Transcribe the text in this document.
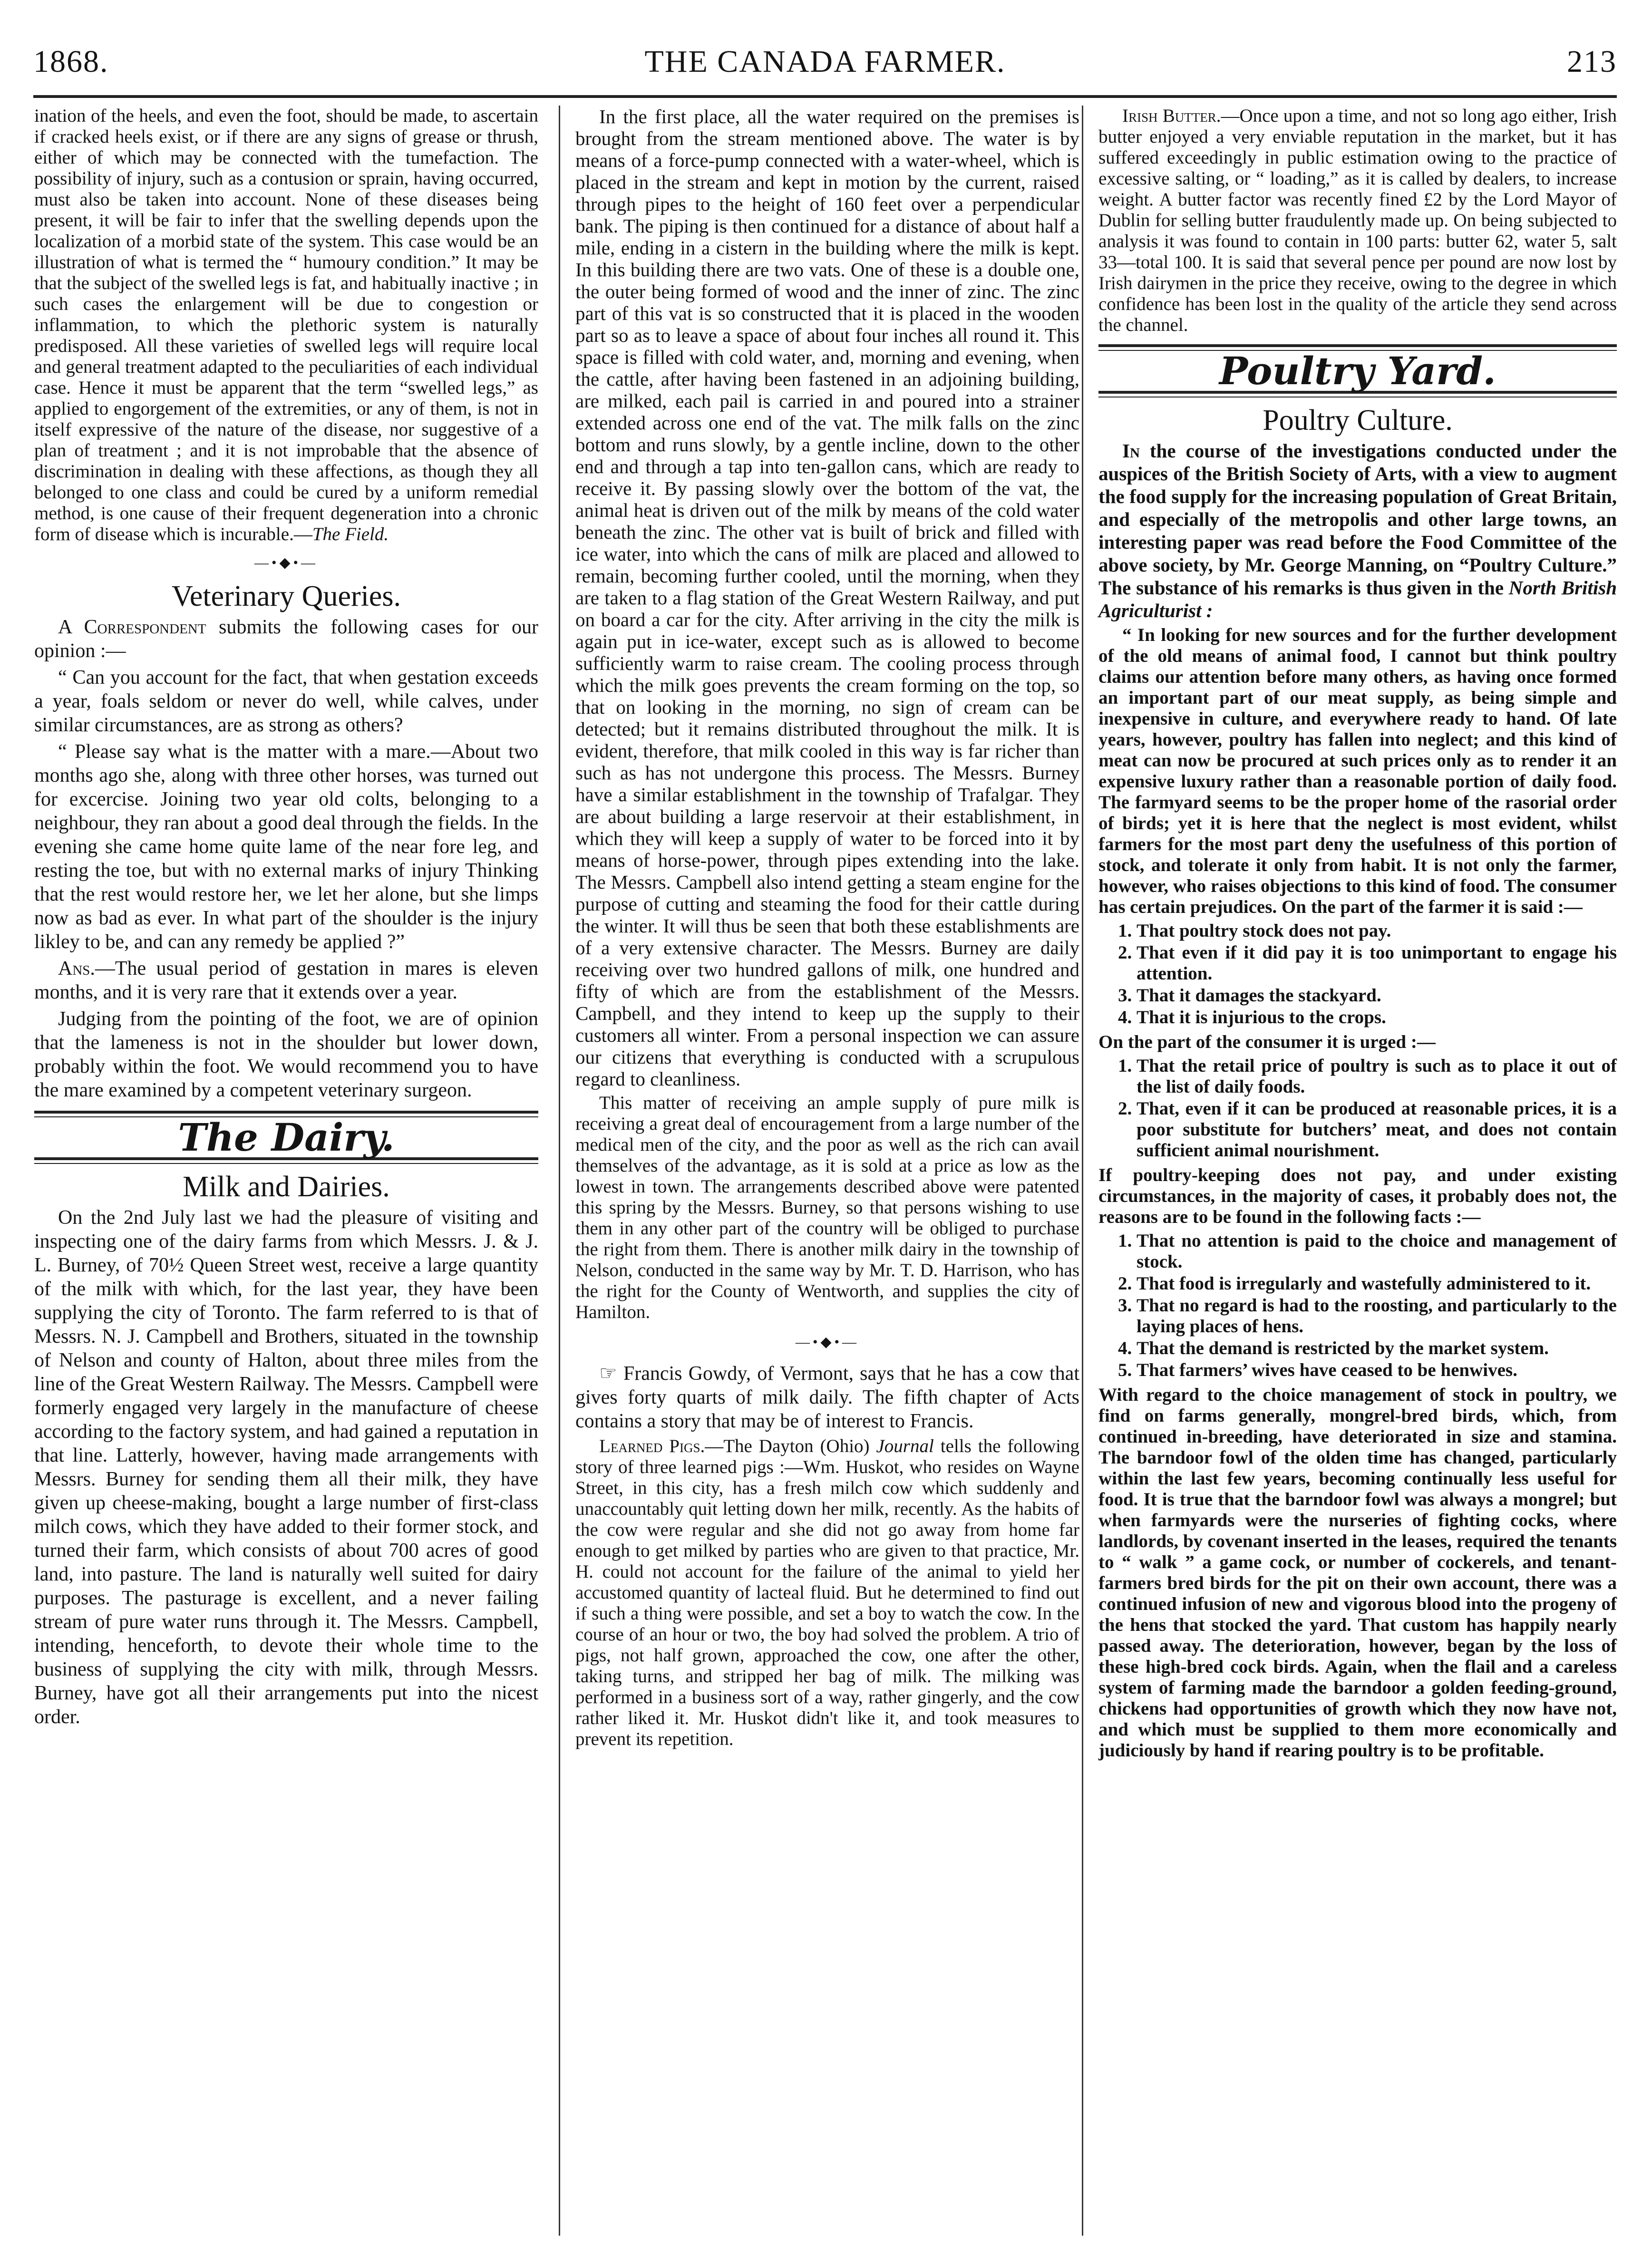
1868.	THE CANADA FARMER.	213

ination of the heels, and even the foot, should be made, to ascertain if cracked heels exist, or if there are any signs of grease or thrush, either of which may be connected with the tumefaction. The possibility of injury, such as a contusion or sprain, having occurred, must also be taken into account. None of these diseases being present, it will be fair to infer that the swelling depends upon the localization of a morbid state of the system. This case would be an illustration of what is termed the “ humoury condition.” It may be that the subject of the swelled legs is fat, and habitually inactive ; in such cases the enlargement will be due to congestion or inflammation, to which the plethoric system is naturally predisposed. All these varieties of swelled legs will require local and general treatment adapted to the peculiarities of each individual case. Hence it must be apparent that the term “swelled legs,” as applied to engorgement of the extremities, or any of them, is not in itself expressive of the nature of the disease, nor suggestive of a plan of treatment ; and it is not improbable that the absence of discrimination in dealing with these affections, as though they all belonged to one class and could be cured by a uniform remedial method, is one cause of their frequent degeneration into a chronic form of disease which is incurable.—The Field.

—•◆•—
Veterinary Queries.

A Correspondent submits the following cases for our opinion :—

“ Can you account for the fact, that when gestation exceeds a year, foals seldom or never do well, while calves, under similar circumstances, are as strong as others?

“ Please say what is the matter with a mare.—About two months ago she, along with three other horses, was turned out for excercise. Joining two year old colts, belonging to a neighbour, they ran about a good deal through the fields. In the evening she came home quite lame of the near fore leg, and resting the toe, but with no external marks of injury Thinking that the rest would restore her, we let her alone, but she limps now as bad as ever. In what part of the shoulder is the injury likley to be, and can any remedy be applied ?”

Ans.—The usual period of gestation in mares is eleven months, and it is very rare that it extends over a year.

Judging from the pointing of the foot, we are of opinion that the lameness is not in the shoulder but lower down, probably within the foot. We would recommend you to have the mare examined by a competent veterinary surgeon.

The Dairy.
Milk and Dairies.

On the 2nd July last we had the pleasure of visiting and inspecting one of the dairy farms from which Messrs. J. & J. L. Burney, of 70½ Queen Street west, receive a large quantity of the milk with which, for the last year, they have been supplying the city of Toronto. The farm referred to is that of Messrs. N. J. Campbell and Brothers, situated in the township of Nelson and county of Halton, about three miles from the line of the Great Western Railway. The Messrs. Campbell were formerly engaged very largely in the manufacture of cheese according to the factory system, and had gained a reputation in that line. Latterly, however, having made arrangements with Messrs. Burney for sending them all their milk, they have given up cheese-making, bought a large number of first-class milch cows, which they have added to their former stock, and turned their farm, which consists of about 700 acres of good land, into pasture. The land is naturally well suited for dairy purposes. The pasturage is excellent, and a never failing stream of pure water runs through it. The Messrs. Campbell, intending, henceforth, to devote their whole time to the business of supplying the city with milk, through Messrs. Burney, have got all their arrangements put into the nicest order.

In the first place, all the water required on the premises is brought from the stream mentioned above. The water is by means of a force-pump connected with a water-wheel, which is placed in the stream and kept in motion by the current, raised through pipes to the height of 160 feet over a perpendicular bank. The piping is then continued for a distance of about half a mile, ending in a cistern in the building where the milk is kept. In this building there are two vats. One of these is a double one, the outer being formed of wood and the inner of zinc. The zinc part of this vat is so constructed that it is placed in the wooden part so as to leave a space of about four inches all round it. This space is filled with cold water, and, morning and evening, when the cattle, after having been fastened in an adjoining building, are milked, each pail is carried in and poured into a strainer extended across one end of the vat. The milk falls on the zinc bottom and runs slowly, by a gentle incline, down to the other end and through a tap into ten-gallon cans, which are ready to receive it. By passing slowly over the bottom of the vat, the animal heat is driven out of the milk by means of the cold water beneath the zinc. The other vat is built of brick and filled with ice water, into which the cans of milk are placed and allowed to remain, becoming further cooled, until the morning, when they are taken to a flag station of the Great Western Railway, and put on board a car for the city. After arriving in the city the milk is again put in ice-water, except such as is allowed to become sufficiently warm to raise cream. The cooling process through which the milk goes prevents the cream forming on the top, so that on looking in the morning, no sign of cream can be detected; but it remains distributed throughout the milk. It is evident, therefore, that milk cooled in this way is far richer than such as has not undergone this process. The Messrs. Burney have a similar establishment in the township of Trafalgar. They are about building a large reservoir at their establishment, in which they will keep a supply of water to be forced into it by means of horse-power, through pipes extending into the lake. The Messrs. Campbell also intend getting a steam engine for the purpose of cutting and steaming the food for their cattle during the winter. It will thus be seen that both these establishments are of a very extensive character. The Messrs. Burney are daily receiving over two hundred gallons of milk, one hundred and fifty of which are from the establishment of the Messrs. Campbell, and they intend to keep up the supply to their customers all winter. From a personal inspection we can assure our citizens that everything is conducted with a scrupulous regard to cleanliness.

This matter of receiving an ample supply of pure milk is receiving a great deal of encouragement from a large number of the medical men of the city, and the poor as well as the rich can avail themselves of the advantage, as it is sold at a price as low as the lowest in town. The arrangements described above were patented this spring by the Messrs. Burney, so that persons wishing to use them in any other part of the country will be obliged to purchase the right from them. There is another milk dairy in the township of Nelson, conducted in the same way by Mr. T. D. Harrison, who has the right for the County of Wentworth, and supplies the city of Hamilton.

—•◆•—

☞ Francis Gowdy, of Vermont, says that he has a cow that gives forty quarts of milk daily. The fifth chapter of Acts contains a story that may be of interest to Francis.

Learned Pigs.—The Dayton (Ohio) Journal tells the following story of three learned pigs :—Wm. Huskot, who resides on Wayne Street, in this city, has a fresh milch cow which suddenly and unaccountably quit letting down her milk, recently. As the habits of the cow were regular and she did not go away from home far enough to get milked by parties who are given to that practice, Mr. H. could not account for the failure of the animal to yield her accustomed quantity of lacteal fluid. But he determined to find out if such a thing were possible, and set a boy to watch the cow. In the course of an hour or two, the boy had solved the problem. A trio of pigs, not half grown, approached the cow, one after the other, taking turns, and stripped her bag of milk. The milking was performed in a business sort of a way, rather gingerly, and the cow rather liked it. Mr. Huskot didn't like it, and took measures to prevent its repetition.

Irish Butter.—Once upon a time, and not so long ago either, Irish butter enjoyed a very enviable reputation in the market, but it has suffered exceedingly in public estimation owing to the practice of excessive salting, or “ loading,” as it is called by dealers, to increase weight. A butter factor was recently fined £2 by the Lord Mayor of Dublin for selling butter fraudulently made up. On being subjected to analysis it was found to contain in 100 parts: butter 62, water 5, salt 33—total 100. It is said that several pence per pound are now lost by Irish dairymen in the price they receive, owing to the degree in which confidence has been lost in the quality of the article they send across the channel.

Poultry Yard.
Poultry Culture.

In the course of the investigations conducted under the auspices of the British Society of Arts, with a view to augment the food supply for the increasing population of Great Britain, and especially of the metropolis and other large towns, an interesting paper was read before the Food Committee of the above society, by Mr. George Manning, on “Poultry Culture.” The substance of his remarks is thus given in the North British Agriculturist :

“ In looking for new sources and for the further development of the old means of animal food, I cannot but think poultry claims our attention before many others, as having once formed an important part of our meat supply, as being simple and inexpensive in culture, and everywhere ready to hand. Of late years, however, poultry has fallen into neglect; and this kind of meat can now be procured at such prices only as to render it an expensive luxury rather than a reasonable portion of daily food. The farmyard seems to be the proper home of the rasorial order of birds; yet it is here that the neglect is most evident, whilst farmers for the most part deny the usefulness of this portion of stock, and tolerate it only from habit. It is not only the farmer, however, who raises objections to this kind of food. The consumer has certain prejudices. On the part of the farmer it is said :—

1. That poultry stock does not pay.
2. That even if it did pay it is too unimportant to engage his attention.
3. That it damages the stackyard.
4. That it is injurious to the crops.

On the part of the consumer it is urged :—

1. That the retail price of poultry is such as to place it out of the list of daily foods.
2. That, even if it can be produced at reasonable prices, it is a poor substitute for butchers’ meat, and does not contain sufficient animal nourishment.

If poultry-keeping does not pay, and under existing circumstances, in the majority of cases, it probably does not, the reasons are to be found in the following facts :—

1. That no attention is paid to the choice and management of stock.
2. That food is irregularly and wastefully administered to it.
3. That no regard is had to the roosting, and particularly to the laying places of hens.
4. That the demand is restricted by the market system.
5. That farmers’ wives have ceased to be henwives.

With regard to the choice management of stock in poultry, we find on farms generally, mongrel-bred birds, which, from continued in-breeding, have deteriorated in size and stamina. The barndoor fowl of the olden time has changed, particularly within the last few years, becoming continually less useful for food. It is true that the barndoor fowl was always a mongrel; but when farmyards were the nurseries of fighting cocks, where landlords, by covenant inserted in the leases, required the tenants to “ walk ” a game cock, or number of cockerels, and tenant-farmers bred birds for the pit on their own account, there was a continued infusion of new and vigorous blood into the progeny of the hens that stocked the yard. That custom has happily nearly passed away. The deterioration, however, began by the loss of these high-bred cock birds. Again, when the flail and a careless system of farming made the barndoor a golden feeding-ground, chickens had opportunities of growth which they now have not, and which must be supplied to them more economically and judiciously by hand if rearing poultry is to be profitable.
